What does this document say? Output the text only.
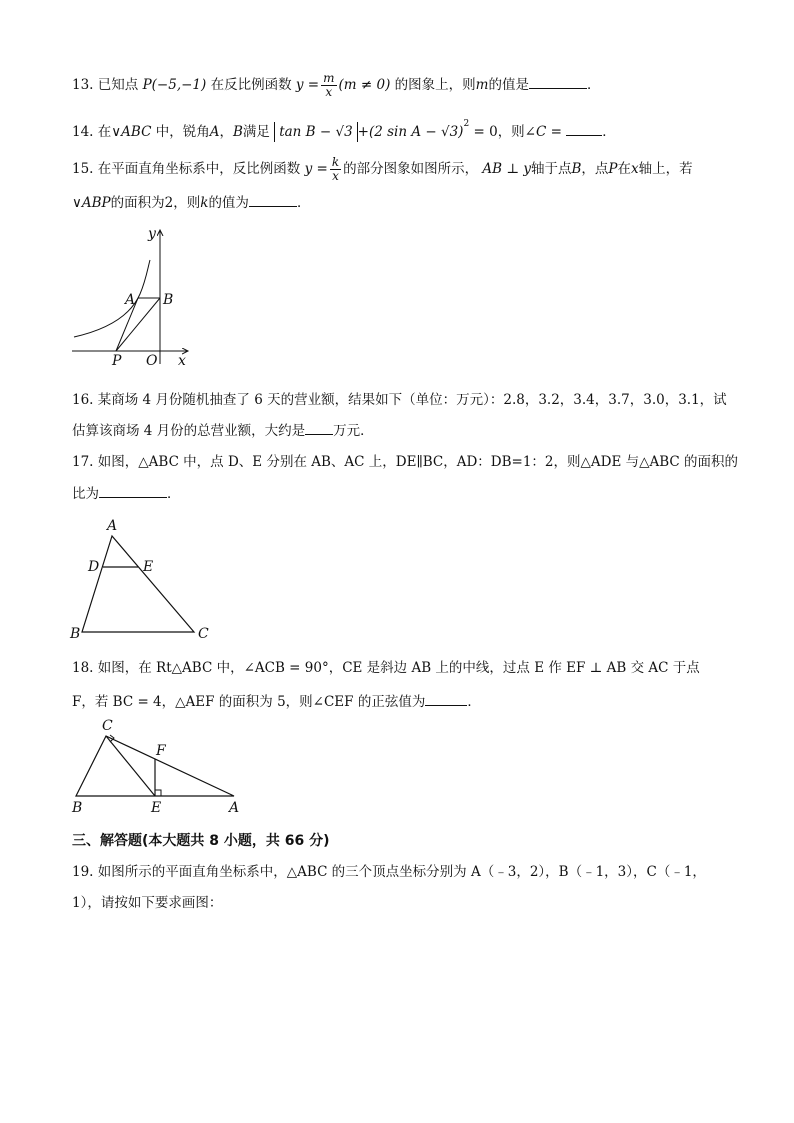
13. 已知点 P(−5,−1) 在反比例函数 $y = \frac{m}{x} (m \ne 0)$ 的图象上，则m的值是	．
14. 在∨ABC 中，锐角A，B满足 tan B − √3 +(2 sin A − √3)$^2$ = 0，则∠C =	．
15. 在平面直角坐标系中，反比例函数 $y = \frac{k}{x}$ 的部分图象如图所示， AB ⊥ y轴于点B，点P在x轴上，若
∨ABP的面积为2，则k的值为	．
y
x
A B
P O
16. 某商场 4 月份随机抽查了 6 天的营业额，结果如下（单位：万元）：2.8，3.2，3.4，3.7，3.0，3.1，试
估算该商场 4 月份的总营业额，大约是 万元．
17. 如图，△ABC 中，点 D、E 分别在 AB、AC 上，DE∥BC，AD：DB=1：2，则△ADE 与△ABC 的面积的
比为	．
A
D	E
B	C
18. 如图，在 Rt△ABC 中，∠ACB = 90°，CE 是斜边 AB 上的中线，过点 E 作 EF ⊥ AB 交 AC 于点
F，若 BC = 4，△AEF 的面积为 5，则∠CEF 的正弦值为	．
C
F
B	E	A
三、解答题(本大题共 8 小题，共 66 分)
19. 如图所示的平面直角坐标系中，△ABC 的三个顶点坐标分别为 A（﹣3，2），B（﹣1，3），C（﹣1，
1），请按如下要求画图：
